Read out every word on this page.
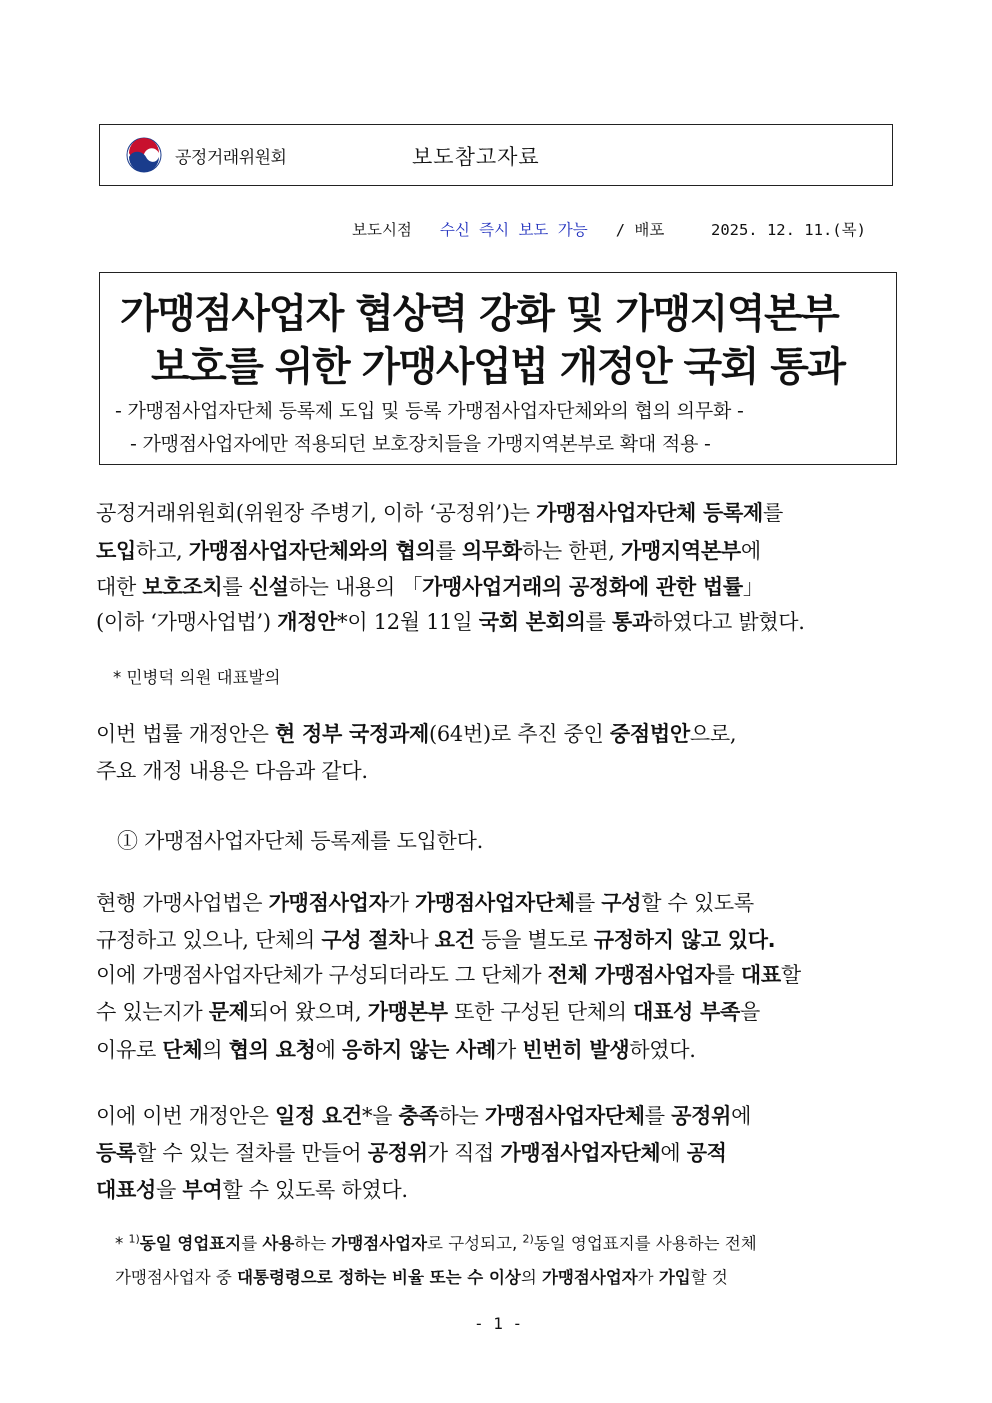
공정거래위원회	보도참고자료
보도시점 수신 즉시 보도 가능 / 배포	2025. 12. 11.(목)
가맹점사업자 협상력 강화 및 가맹지역본부
보호를 위한 가맹사업법 개정안 국회 통과
- 가맹점사업자단체 등록제 도입 및 등록 가맹점사업자단체와의 협의 의무화 -
- 가맹점사업자에만 적용되던 보호장치들을 가맹지역본부로 확대 적용 -
공정거래위원회(위원장 주병기, 이하 ‘공정위’)는 가맹점사업자단체 등록제를
도입하고, 가맹점사업자단체와의 협의를 의무화하는 한편, 가맹지역본부에
대한 보호조치를 신설하는 내용의 「가맹사업거래의 공정화에 관한 법률」
(이하 ‘가맹사업법’) 개정안*이 12월 11일 국회 본회의를 통과하였다고 밝혔다.
* 민병덕 의원 대표발의
이번 법률 개정안은 현 정부 국정과제(64번)로 추진 중인 중점법안으로,
주요 개정 내용은 다음과 같다.
① 가맹점사업자단체 등록제를 도입한다.
현행 가맹사업법은 가맹점사업자가 가맹점사업자단체를 구성할 수 있도록
규정하고 있으나, 단체의 구성 절차나 요건 등을 별도로 규정하지 않고 있다.
이에 가맹점사업자단체가 구성되더라도 그 단체가 전체 가맹점사업자를 대표할
수 있는지가 문제되어 왔으며, 가맹본부 또한 구성된 단체의 대표성 부족을
이유로 단체의 협의 요청에 응하지 않는 사례가 빈번히 발생하였다.
이에 이번 개정안은 일정 요건*을 충족하는 가맹점사업자단체를 공정위에
등록할 수 있는 절차를 만들어 공정위가 직접 가맹점사업자단체에 공적
대표성을 부여할 수 있도록 하였다.
* $^{1)}$동일 영업표지를 사용하는 가맹점사업자로 구성되고, $^{2)}$동일 영업표지를 사용하는 전체
가맹점사업자 중 대통령령으로 정하는 비율 또는 수 이상의 가맹점사업자가 가입할 것
- 1 -
